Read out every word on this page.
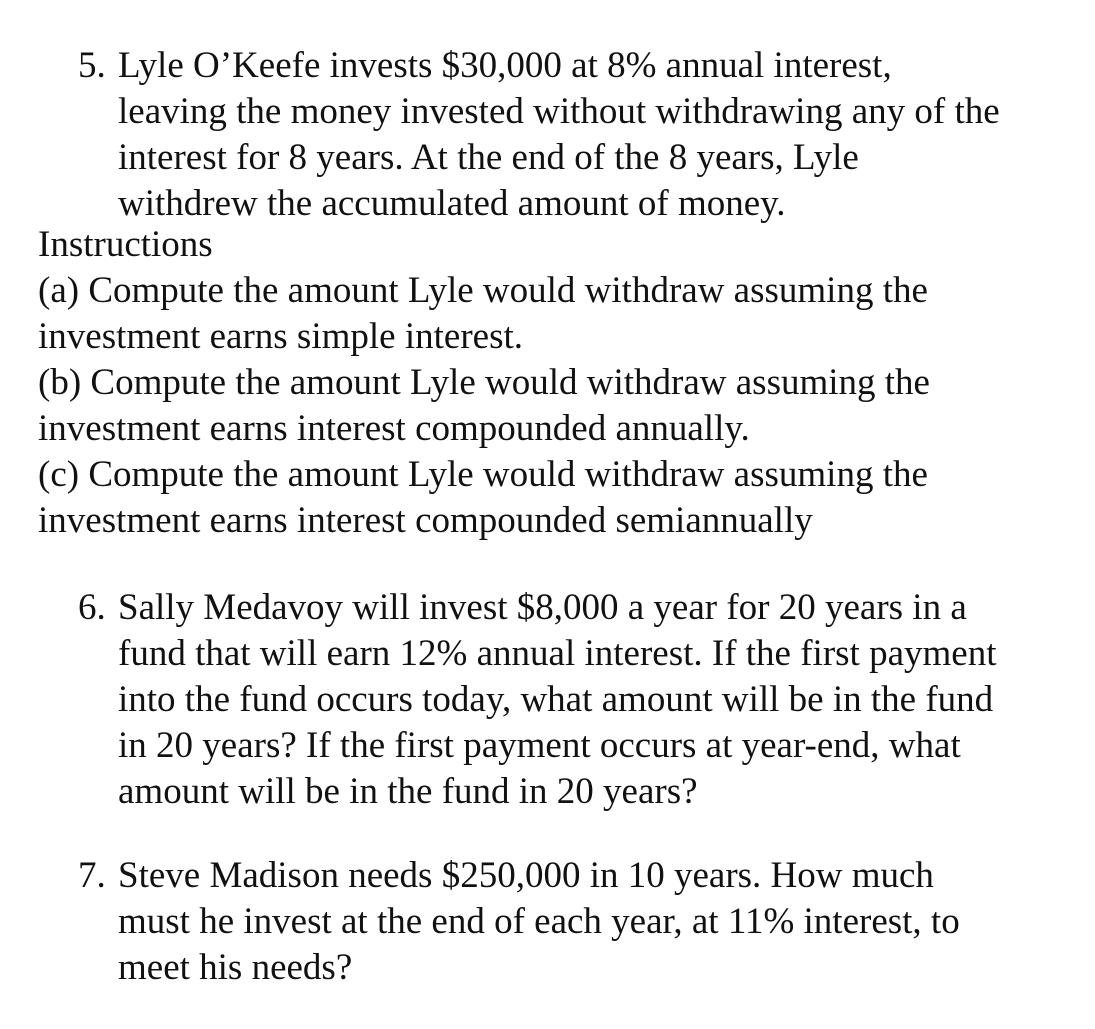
5. Lyle O’Keefe invests $30,000 at 8% annual interest,
leaving the money invested without withdrawing any of the
interest for 8 years. At the end of the 8 years, Lyle
withdrew the accumulated amount of money.
Instructions
(a) Compute the amount Lyle would withdraw assuming the
investment earns simple interest.
(b) Compute the amount Lyle would withdraw assuming the
investment earns interest compounded annually.
(c) Compute the amount Lyle would withdraw assuming the
investment earns interest compounded semiannually
6. Sally Medavoy will invest $8,000 a year for 20 years in a
fund that will earn 12% annual interest. If the first payment
into the fund occurs today, what amount will be in the fund
in 20 years? If the first payment occurs at year-end, what
amount will be in the fund in 20 years?
7. Steve Madison needs $250,000 in 10 years. How much
must he invest at the end of each year, at 11% interest, to
meet his needs?
